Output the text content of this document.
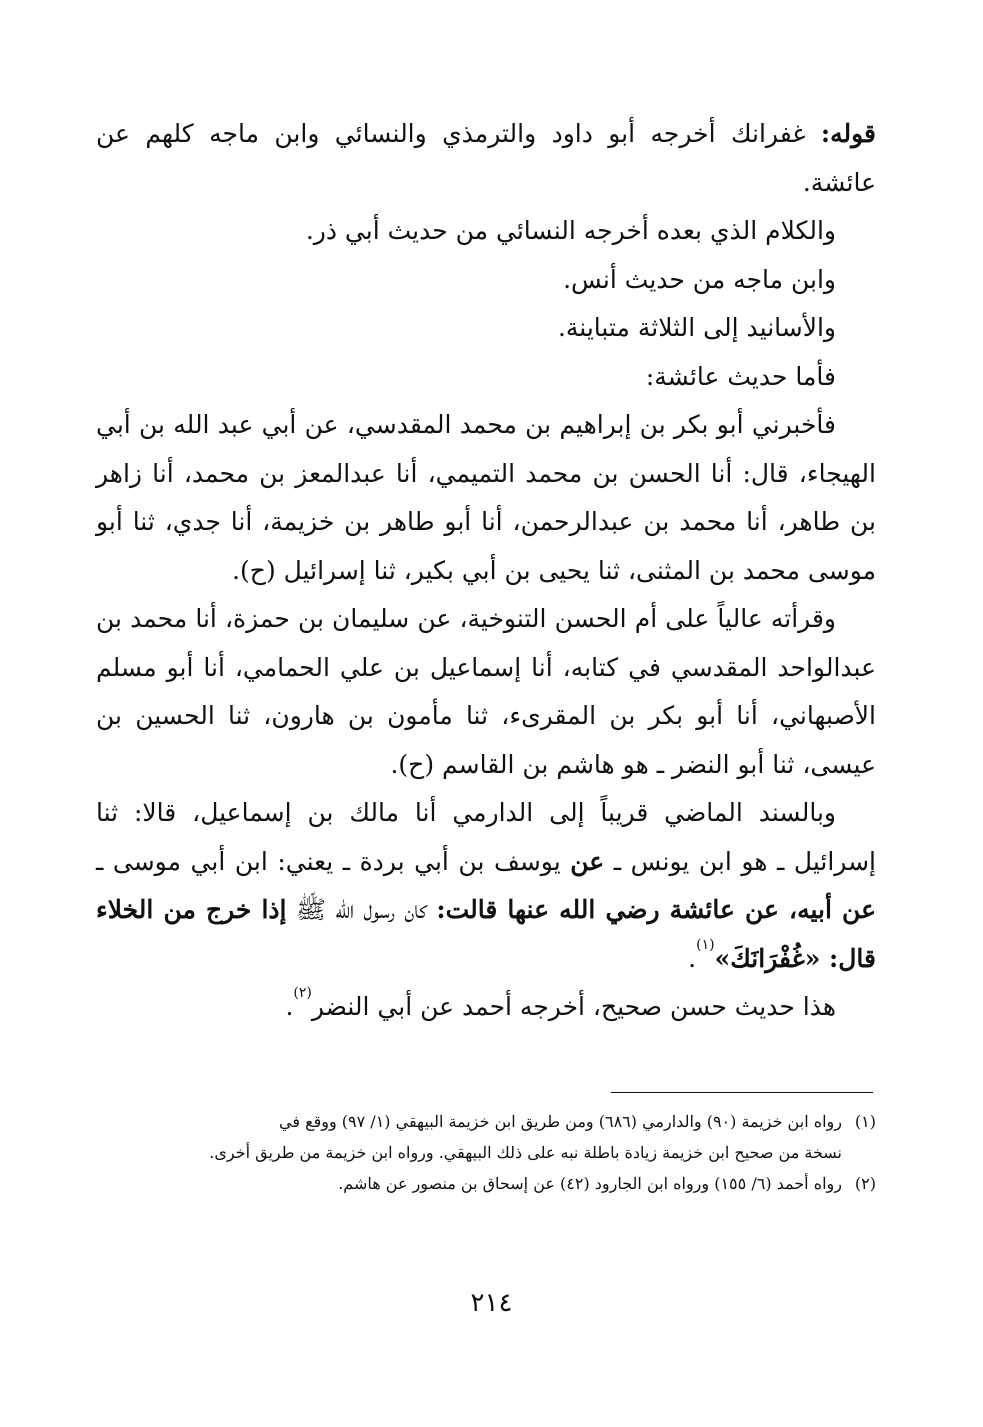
قوله: غفرانك أخرجه أبو داود والترمذي والنسائي وابن ماجه كلهم عن عائشة.

والكلام الذي بعده أخرجه النسائي من حديث أبي ذر.

وابن ماجه من حديث أنس.

والأسانيد إلى الثلاثة متباينة.

فأما حديث عائشة:

فأخبرني أبو بكر بن إبراهيم بن محمد المقدسي، عن أبي عبد الله بن أبي الهيجاء، قال: أنا الحسن بن محمد التميمي، أنا عبدالمعز بن محمد، أنا زاهر بن طاهر، أنا محمد بن عبدالرحمن، أنا أبو طاهر بن خزيمة، أنا جدي، ثنا أبو موسى محمد بن المثنى، ثنا يحيى بن أبي بكير، ثنا إسرائيل (ح).

وقرأته عالياً على أم الحسن التنوخية، عن سليمان بن حمزة، أنا محمد بن عبدالواحد المقدسي في كتابه، أنا إسماعيل بن علي الحمامي، أنا أبو مسلم الأصبهاني، أنا أبو بكر بن المقرىء، ثنا مأمون بن هارون، ثنا الحسين بن عيسى، ثنا أبو النضر ـ هو هاشم بن القاسم (ح).

وبالسند الماضي قريباً إلى الدارمي أنا مالك بن إسماعيل، قالا: ثنا إسرائيل ـ هو ابن يونس ـ عن يوسف بن أبي بردة ـ يعني: ابن أبي موسى ـ عن أبيه، عن عائشة رضي الله عنها قالت: كان رسول الله ﷺ إذا خرج من الخلاء قال: «غُفْرَانَكَ»$^{(١)}$.

هذا حديث حسن صحيح، أخرجه أحمد عن أبي النضر$^{(٢)}$.

(١)رواه ابن خزيمة (٩٠) والدارمي (٦٨٦) ومن طريق ابن خزيمة البيهقي (١/ ٩٧) ووقع في

نسخة من صحيح ابن خزيمة زيادة باطلة نبه على ذلك البيهقي. ورواه ابن خزيمة من طريق أخرى.

(٢)رواه أحمد (٦/ ١٥٥) ورواه ابن الجارود (٤٢) عن إسحاق بن منصور عن هاشم.

٢١٤
